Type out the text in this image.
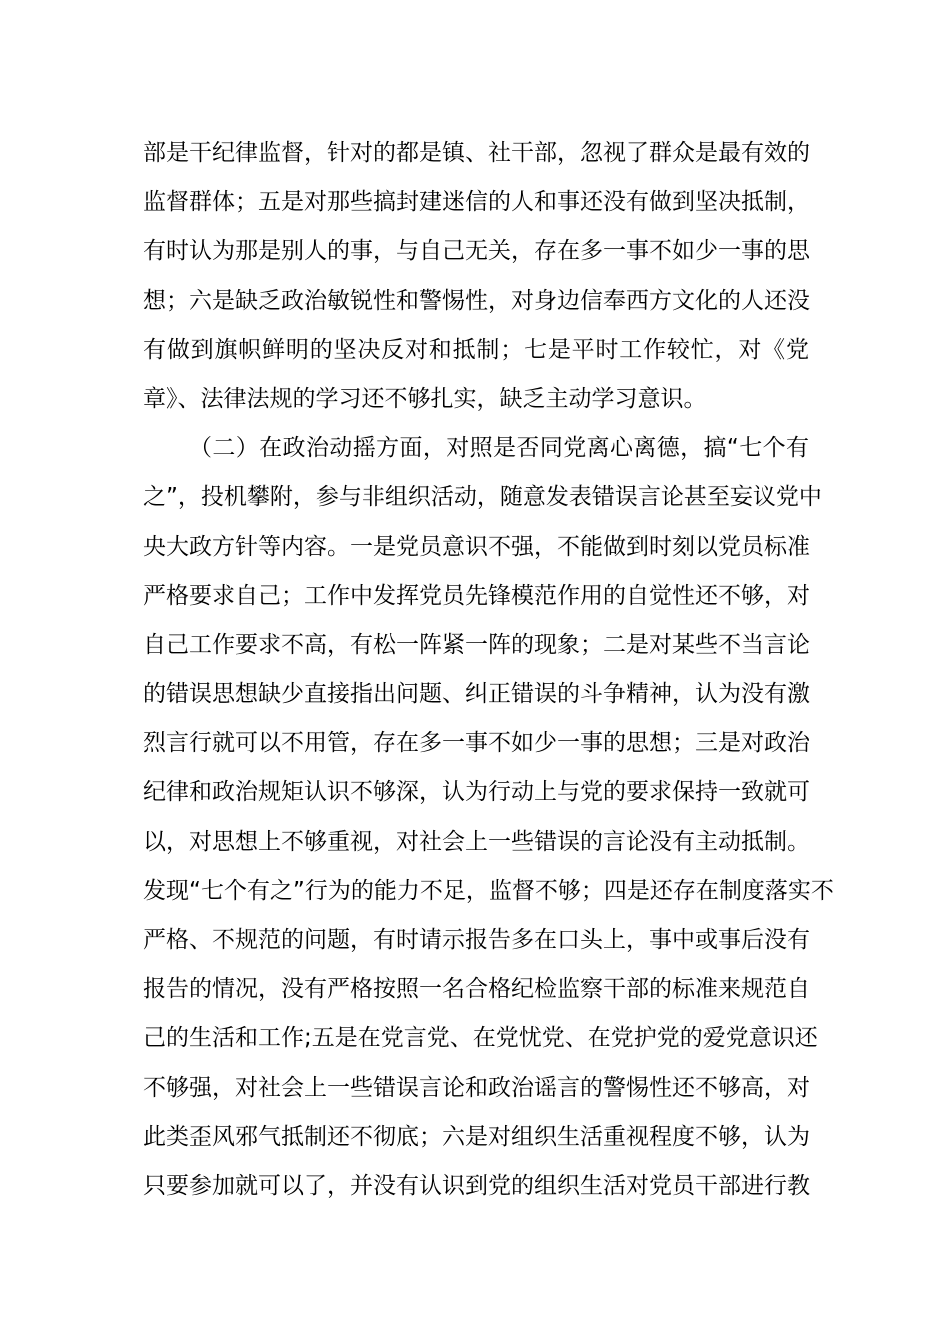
部是干纪律监督，针对的都是镇、社干部，忽视了群众是最有效的
监督群体；五是对那些搞封建迷信的人和事还没有做到坚决抵制，
有时认为那是别人的事，与自己无关，存在多一事不如少一事的思
想；六是缺乏政治敏锐性和警惕性，对身边信奉西方文化的人还没
有做到旗帜鲜明的坚决反对和抵制；七是平时工作较忙，对《党
章》、法律法规的学习还不够扎实，缺乏主动学习意识。
（二）在政治动摇方面，对照是否同党离心离德，搞“七个有
之”，投机攀附，参与非组织活动，随意发表错误言论甚至妄议党中
央大政方针等内容。一是党员意识不强，不能做到时刻以党员标准
严格要求自己；工作中发挥党员先锋模范作用的自觉性还不够，对
自己工作要求不高，有松一阵紧一阵的现象；二是对某些不当言论
的错误思想缺少直接指出问题、纠正错误的斗争精神，认为没有激
烈言行就可以不用管，存在多一事不如少一事的思想；三是对政治
纪律和政治规矩认识不够深，认为行动上与党的要求保持一致就可
以，对思想上不够重视，对社会上一些错误的言论没有主动抵制。
发现“七个有之”行为的能力不足，监督不够；四是还存在制度落实不
严格、不规范的问题，有时请示报告多在口头上，事中或事后没有
报告的情况，没有严格按照一名合格纪检监察干部的标准来规范自
己的生活和工作;五是在党言党、在党忧党、在党护党的爱党意识还
不够强，对社会上一些错误言论和政治谣言的警惕性还不够高，对
此类歪风邪气抵制还不彻底；六是对组织生活重视程度不够，认为
只要参加就可以了，并没有认识到党的组织生活对党员干部进行教
